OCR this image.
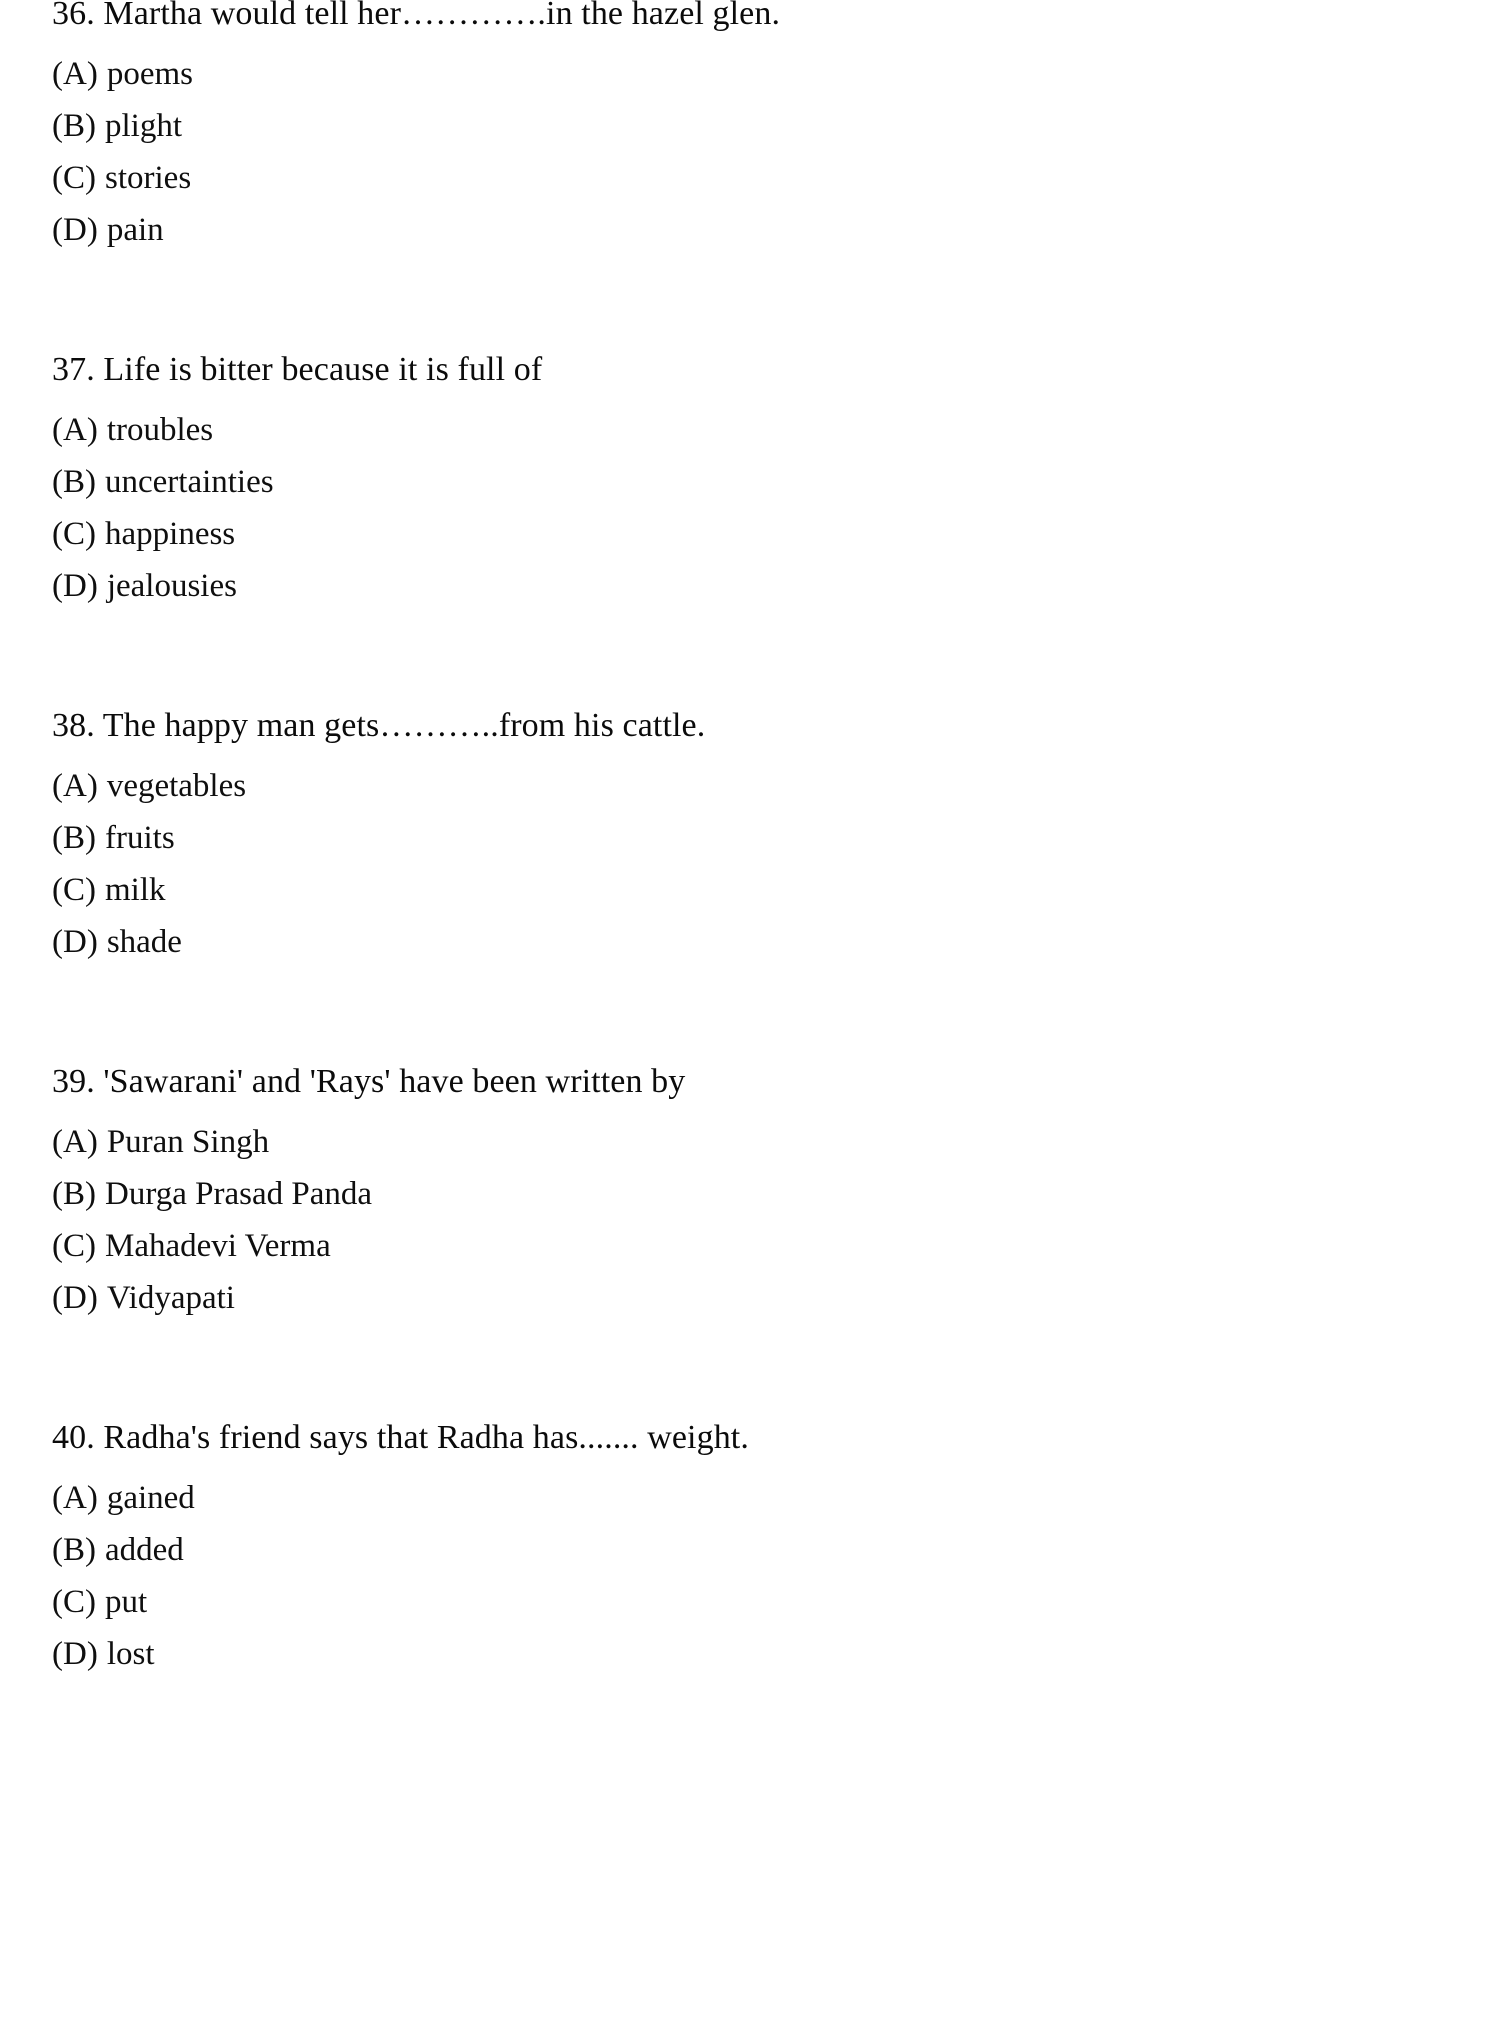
36. Martha would tell her………….in the hazel glen.

(A) poems
(B) plight
(C) stories
(D) pain

37. Life is bitter because it is full of

(A) troubles
(B) uncertainties
(C) happiness
(D) jealousies

38. The happy man gets………..from his cattle.

(A) vegetables
(B) fruits
(C) milk
(D) shade

39. 'Sawarani' and 'Rays' have been written by

(A) Puran Singh
(B) Durga Prasad Panda
(C) Mahadevi Verma
(D) Vidyapati

40. Radha's friend says that Radha has....... weight.

(A) gained
(B) added
(C) put
(D) lost
